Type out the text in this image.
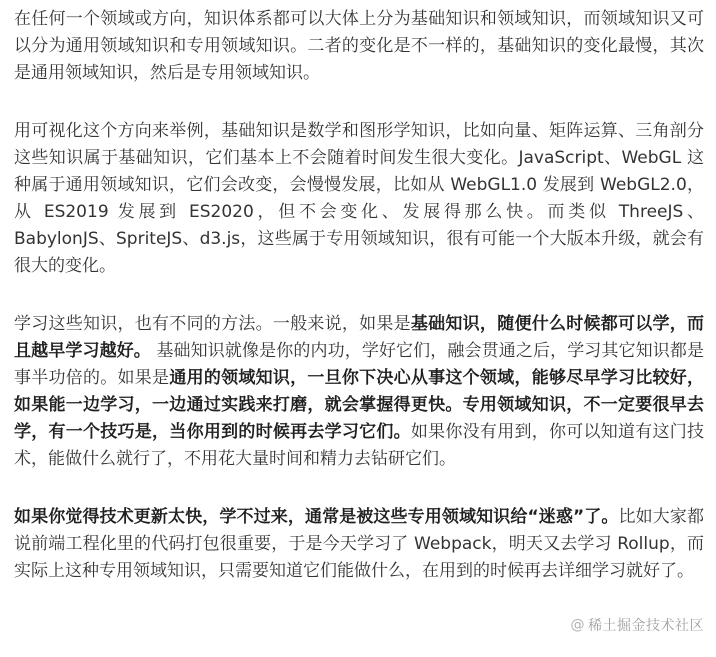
在任何一个领域或方向，知识体系都可以大体上分为基础知识和领域知识，而领域知识又可以分为通用领域知识和专用领域知识。二者的变化是不一样的，基础知识的变化最慢，其次是通用领域知识，然后是专用领域知识。

用可视化这个方向来举例，基础知识是数学和图形学知识，比如向量、矩阵运算、三角剖分这些知识属于基础知识，它们基本上不会随着时间发生很大变化。JavaScript、WebGL 这种属于通用领域知识，它们会改变，会慢慢发展，比如从 WebGL1.0 发展到 WebGL2.0，从 ES2019 发展到 ES2020，但不会变化、发展得那么快。而类似 ThreeJS、BabylonJS、SpriteJS、d3.js，这些属于专用领域知识，很有可能一个大版本升级，就会有很大的变化。

学习这些知识，也有不同的方法。一般来说，如果是基础知识，随便什么时候都可以学，而且越早学习越好。 基础知识就像是你的内功，学好它们，融会贯通之后，学习其它知识都是事半功倍的。如果是通用的领域知识，一旦你下决心从事这个领域，能够尽早学习比较好，如果能一边学习，一边通过实践来打磨，就会掌握得更快。专用领域知识，不一定要很早去学，有一个技巧是，当你用到的时候再去学习它们。如果你没有用到，你可以知道有这门技术，能做什么就行了，不用花大量时间和精力去钻研它们。

如果你觉得技术更新太快，学不过来，通常是被这些专用领域知识给“迷惑”了。比如大家都说前端工程化里的代码打包很重要，于是今天学习了 Webpack，明天又去学习 Rollup，而实际上这种专用领域知识，只需要知道它们能做什么，在用到的时候再去详细学习就好了。

@ 稀土掘金技术社区
